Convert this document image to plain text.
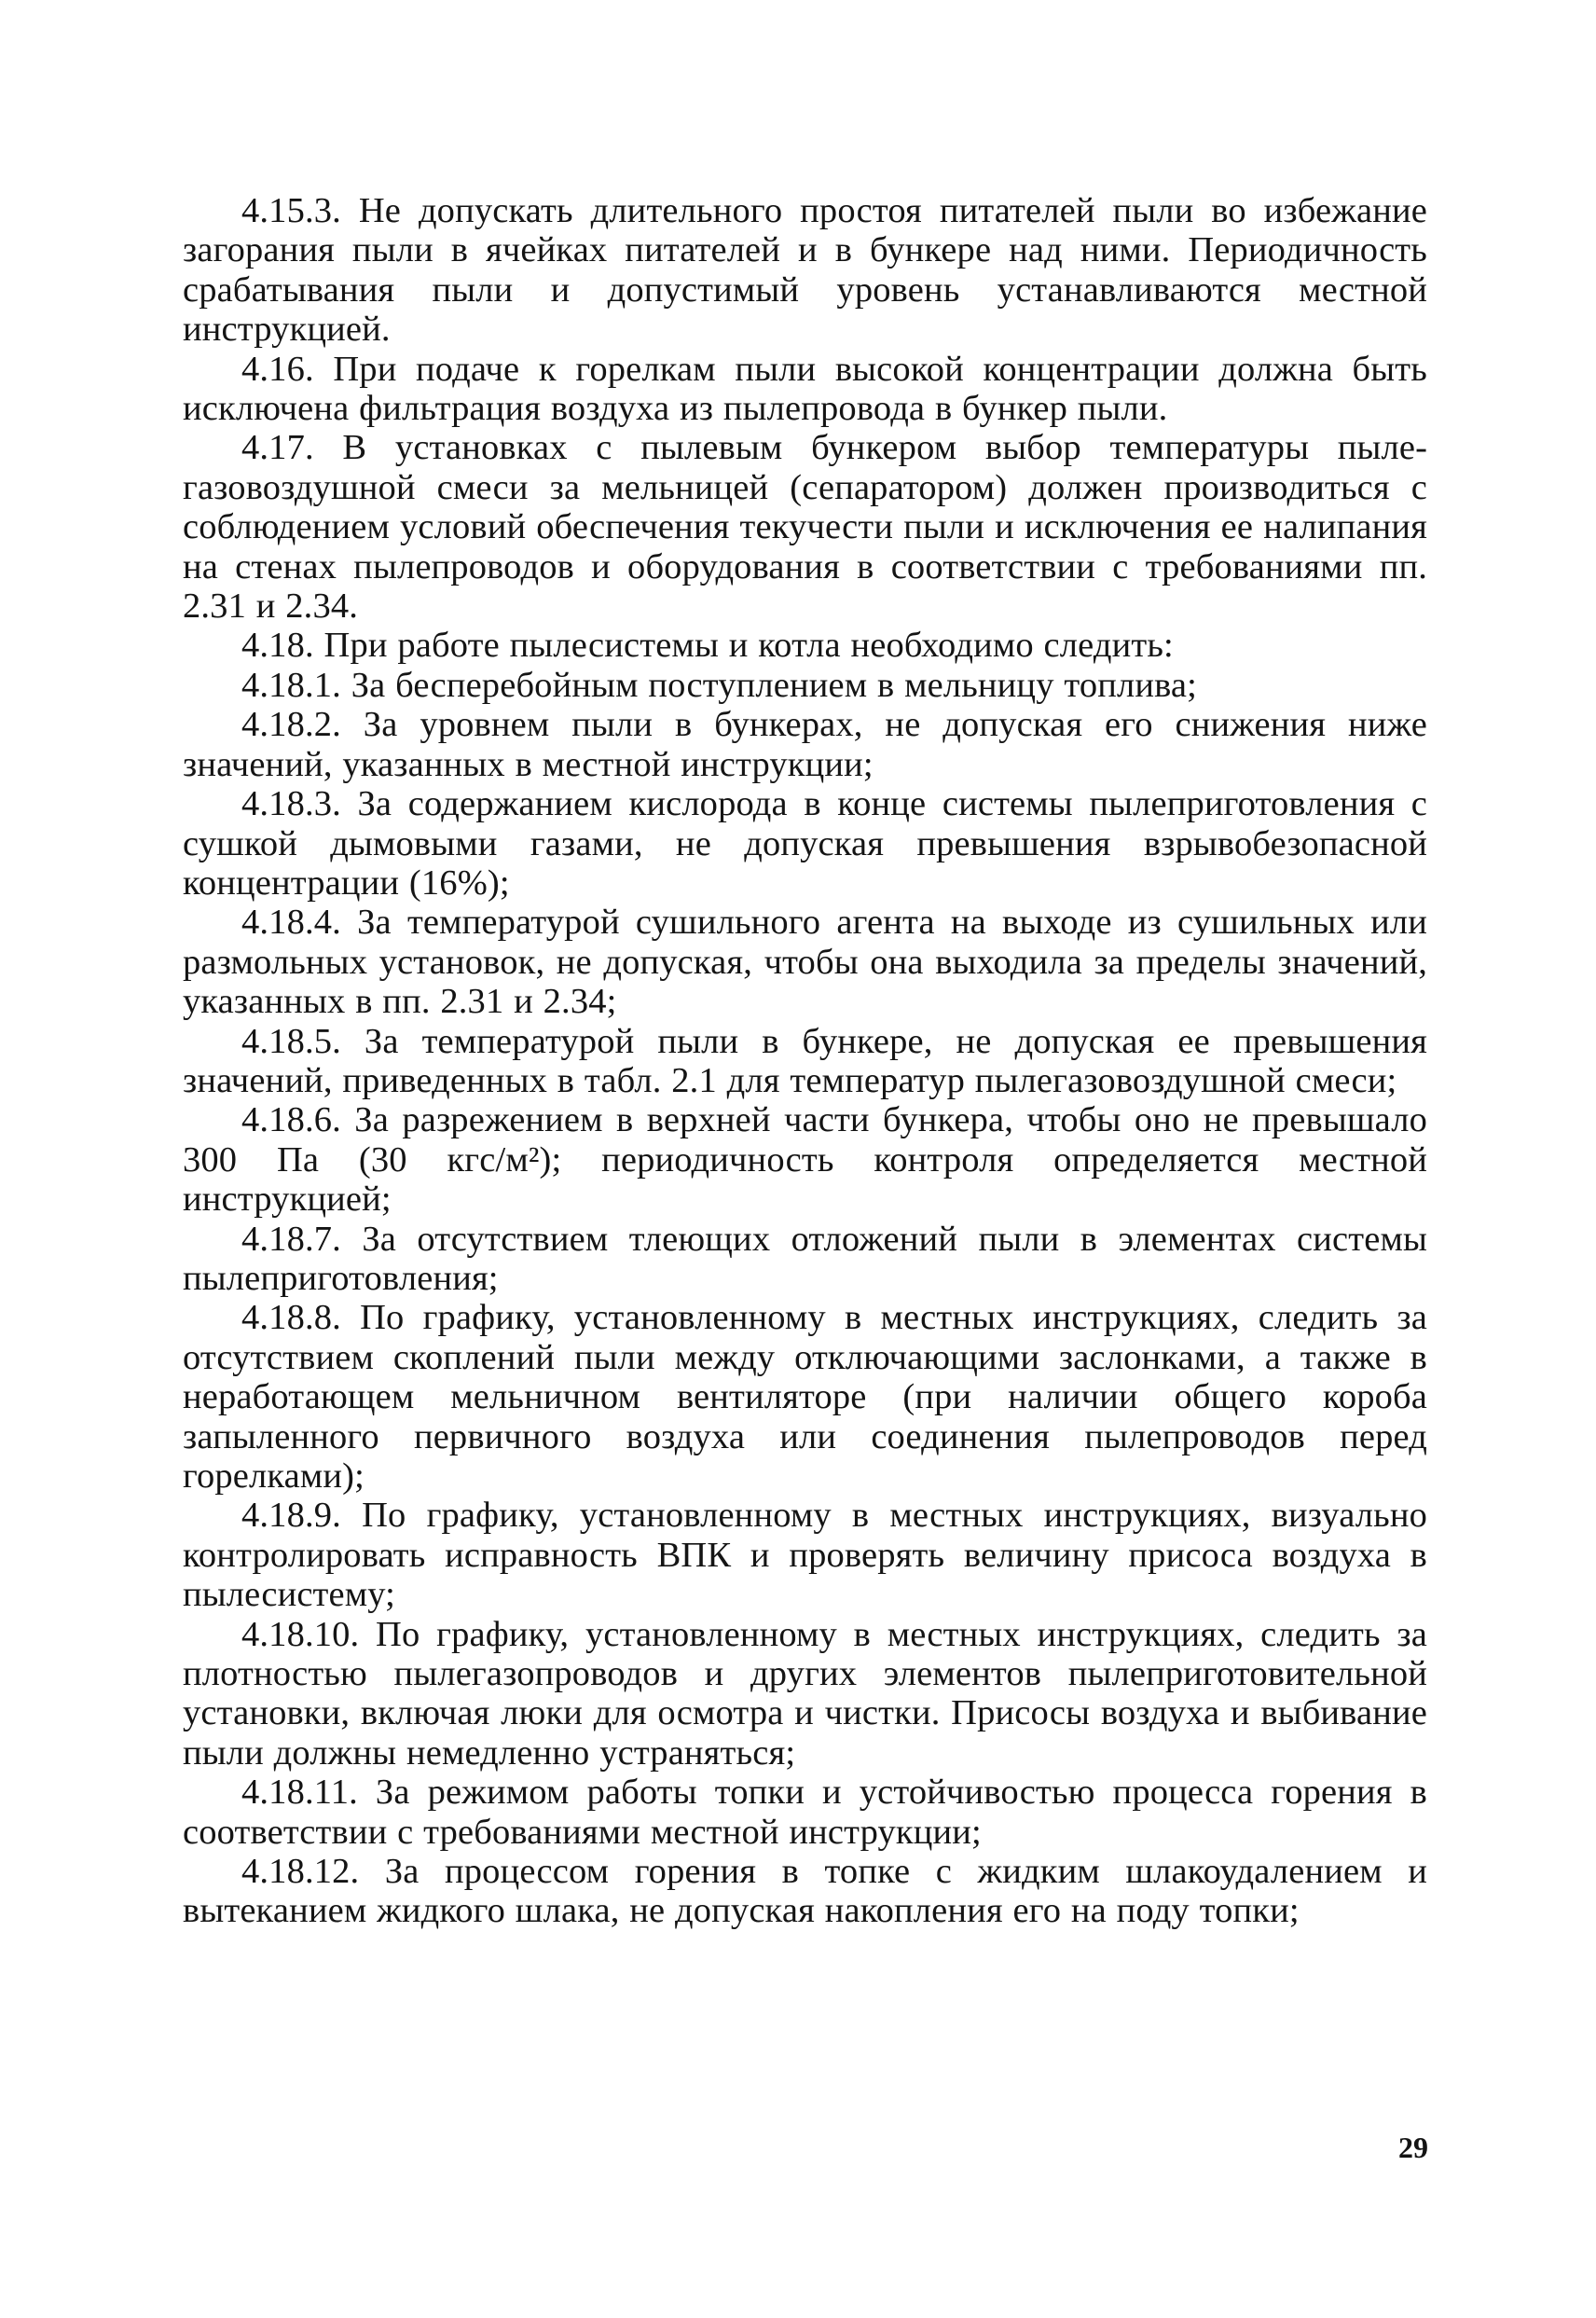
4.15.3. Не допускать длительного простоя питателей пыли во избежание загорания пыли в ячейках питателей и в бункере над ними. Периодичность срабатывания пыли и допустимый уровень устанавливаются местной инструкцией.

4.16. При подаче к горелкам пыли высокой концентрации должна быть исключена фильтрация воздуха из пылепровода в бункер пыли.

4.17. В установках с пылевым бункером выбор температуры пылегазовоздушной смеси за мельницей (сепаратором) должен производиться с соблюдением условий обеспечения текучести пыли и исключения ее налипания на стенах пылепроводов и оборудования в соответствии с требованиями пп. 2.31 и 2.34.

4.18. При работе пылесистемы и котла необходимо следить:

4.18.1. За бесперебойным поступлением в мельницу топлива;

4.18.2. За уровнем пыли в бункерах, не допуская его снижения ниже значений, указанных в местной инструкции;

4.18.3. За содержанием кислорода в конце системы пылеприготовления с сушкой дымовыми газами, не допуская превышения взрывобезопасной концентрации (16%);

4.18.4. За температурой сушильного агента на выходе из сушильных или размольных установок, не допуская, чтобы она выходила за пределы значений, указанных в пп. 2.31 и 2.34;

4.18.5. За температурой пыли в бункере, не допуская ее превышения значений, приведенных в табл. 2.1 для температур пылегазовоздушной смеси;

4.18.6. За разрежением в верхней части бункера, чтобы оно не превышало 300 Па (30 кгс/м²); периодичность контроля определяется местной инструкцией;

4.18.7. За отсутствием тлеющих отложений пыли в элементах системы пылеприготовления;

4.18.8. По графику, установленному в местных инструкциях, следить за отсутствием скоплений пыли между отключающими заслонками, а также в неработающем мельничном вентиляторе (при наличии общего короба запыленного первичного воздуха или соединения пылепроводов перед горелками);

4.18.9. По графику, установленному в местных инструкциях, визуально контролировать исправность ВПК и проверять величину присоса воздуха в пылесистему;

4.18.10. По графику, установленному в местных инструкциях, следить за плотностью пылегазопроводов и других элементов пылеприготовительной установки, включая люки для осмотра и чистки. Присосы воздуха и выбивание пыли должны немедленно устраняться;

4.18.11. За режимом работы топки и устойчивостью процесса горения в соответствии с требованиями местной инструкции;

4.18.12. За процессом горения в топке с жидким шлакоудалением и вытеканием жидкого шлака, не допуская накопления его на поду топки;

29
